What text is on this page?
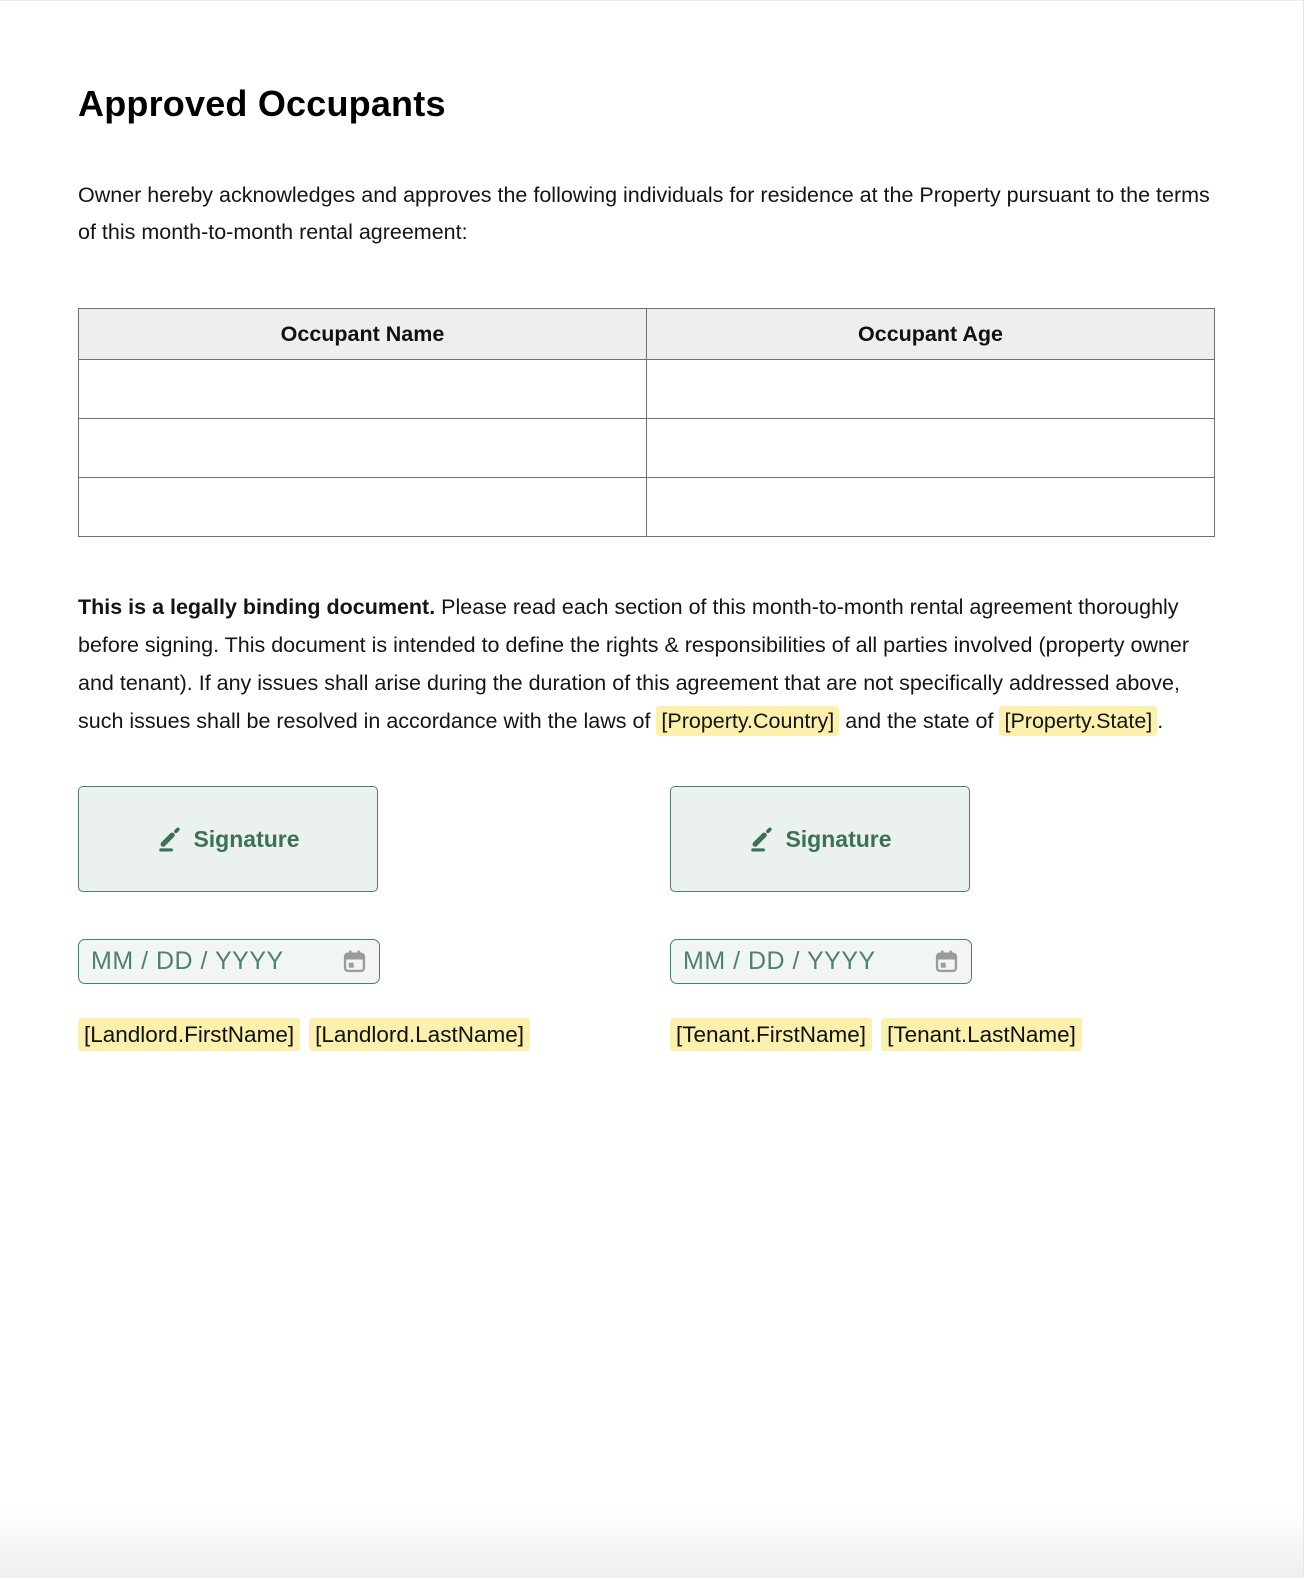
Approved Occupants

Owner hereby acknowledges and approves the following individuals for residence at the Property pursuant to the terms of this month-to-month rental agreement:

Occupant Name	Occupant Age

This is a legally binding document. Please read each section of this month-to-month rental agreement thoroughly before signing. This document is intended to define the rights & responsibilities of all parties involved (property owner and tenant). If any issues shall arise during the duration of this agreement that are not specifically addressed above, such issues shall be resolved in accordance with the laws of [Property.Country] and the state of [Property.State] .

Signature
MM / DD / YYYY
[Landlord.FirstName] [Landlord.LastName]
Signature
MM / DD / YYYY
[Tenant.FirstName] [Tenant.LastName]
